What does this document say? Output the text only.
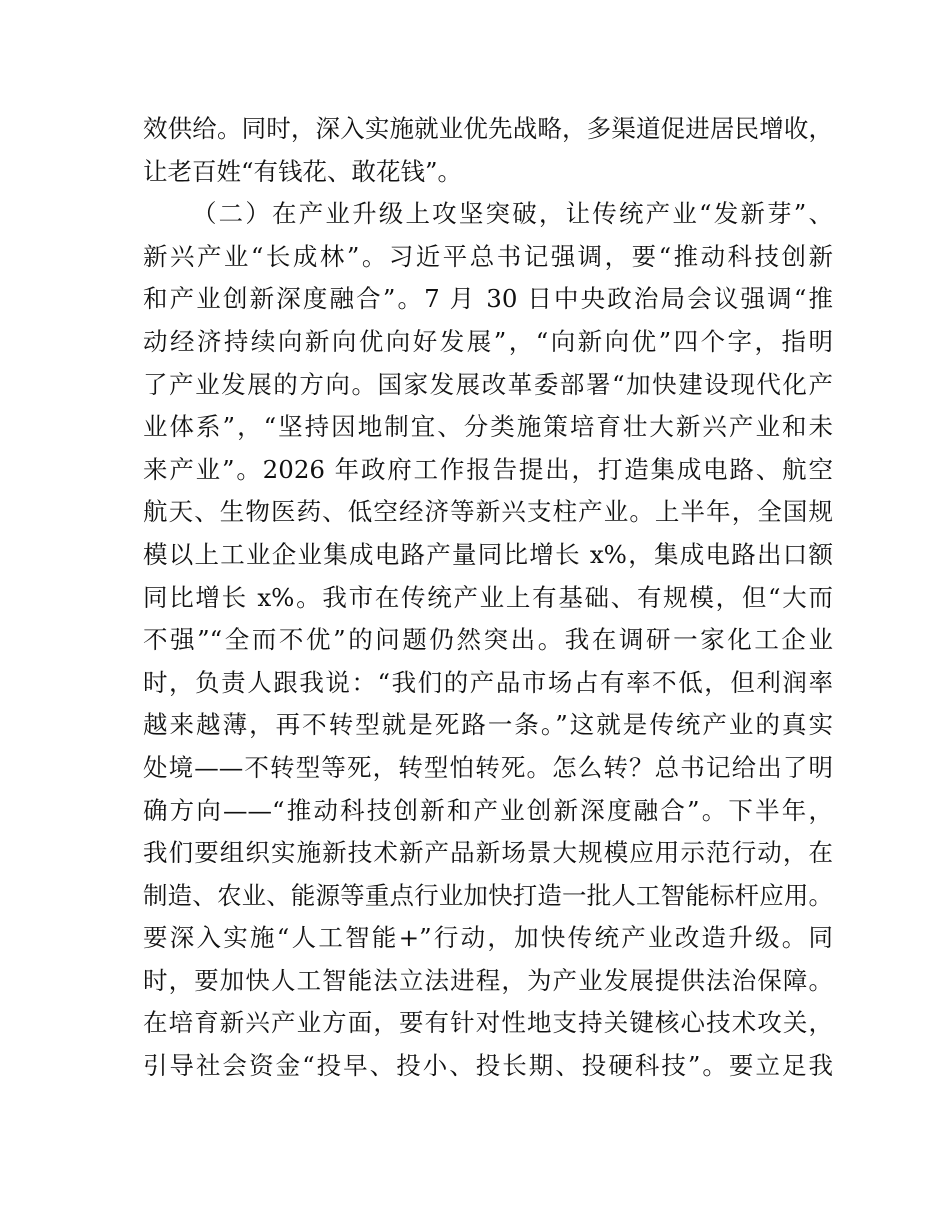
效供给。同时，深入实施就业优先战略，多渠道促进居民增收，
让老百姓“有钱花、敢花钱”。
（二）在产业升级上攻坚突破，让传统产业“发新芽”、
新兴产业“长成林”。习近平总书记强调，要“推动科技创新
和产业创新深度融合”。7 月 30 日中央政治局会议强调“推
动经济持续向新向优向好发展”，“向新向优”四个字，指明
了产业发展的方向。国家发展改革委部署“加快建设现代化产
业体系”，“坚持因地制宜、分类施策培育壮大新兴产业和未
来产业”。2026 年政府工作报告提出，打造集成电路、航空
航天、生物医药、低空经济等新兴支柱产业。上半年，全国规
模以上工业企业集成电路产量同比增长 x%，集成电路出口额
同比增长 x%。我市在传统产业上有基础、有规模，但“大而
不强”“全而不优”的问题仍然突出。我在调研一家化工企业
时，负责人跟我说：“我们的产品市场占有率不低，但利润率
越来越薄，再不转型就是死路一条。”这就是传统产业的真实
处境——不转型等死，转型怕转死。怎么转？总书记给出了明
确方向——“推动科技创新和产业创新深度融合”。下半年，
我们要组织实施新技术新产品新场景大规模应用示范行动，在
制造、农业、能源等重点行业加快打造一批人工智能标杆应用。
要深入实施“人工智能+”行动，加快传统产业改造升级。同
时，要加快人工智能法立法进程，为产业发展提供法治保障。
在培育新兴产业方面，要有针对性地支持关键核心技术攻关，
引导社会资金“投早、投小、投长期、投硬科技”。要立足我
